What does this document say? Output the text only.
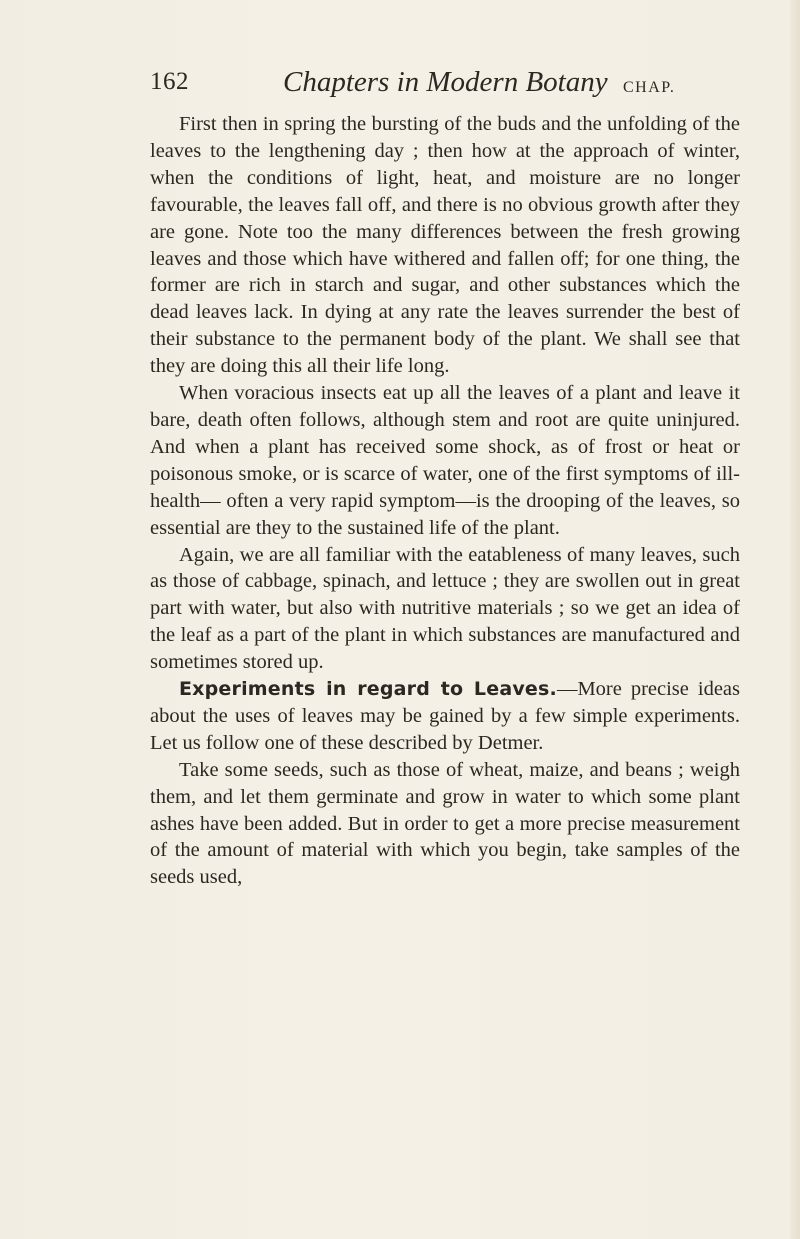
162	Chapters in Modern Botany CHAP.

First then in spring the bursting of the buds and the unfolding of the leaves to the lengthening day ; then how at the approach of winter, when the conditions of light, heat, and moisture are no longer favourable, the leaves fall off, and there is no obvious growth after they are gone. Note too the many differences between the fresh growing leaves and those which have withered and fallen off; for one thing, the former are rich in starch and sugar, and other substances which the dead leaves lack. In dying at any rate the leaves surrender the best of their substance to the permanent body of the plant. We shall see that they are doing this all their life long.

When voracious insects eat up all the leaves of a plant and leave it bare, death often follows, although stem and root are quite uninjured. And when a plant has received some shock, as of frost or heat or poisonous smoke, or is scarce of water, one of the first symptoms of ill-health— often a very rapid symptom—is the drooping of the leaves, so essential are they to the sustained life of the plant.

Again, we are all familiar with the eatableness of many leaves, such as those of cabbage, spinach, and lettuce ; they are swollen out in great part with water, but also with nutritive materials ; so we get an idea of the leaf as a part of the plant in which substances are manufactured and sometimes stored up.

Experiments in regard to Leaves.—More precise ideas about the uses of leaves may be gained by a few simple experiments. Let us follow one of these described by Detmer.

Take some seeds, such as those of wheat, maize, and beans ; weigh them, and let them germinate and grow in water to which some plant ashes have been added. But in order to get a more precise measurement of the amount of material with which you begin, take samples of the seeds used,
